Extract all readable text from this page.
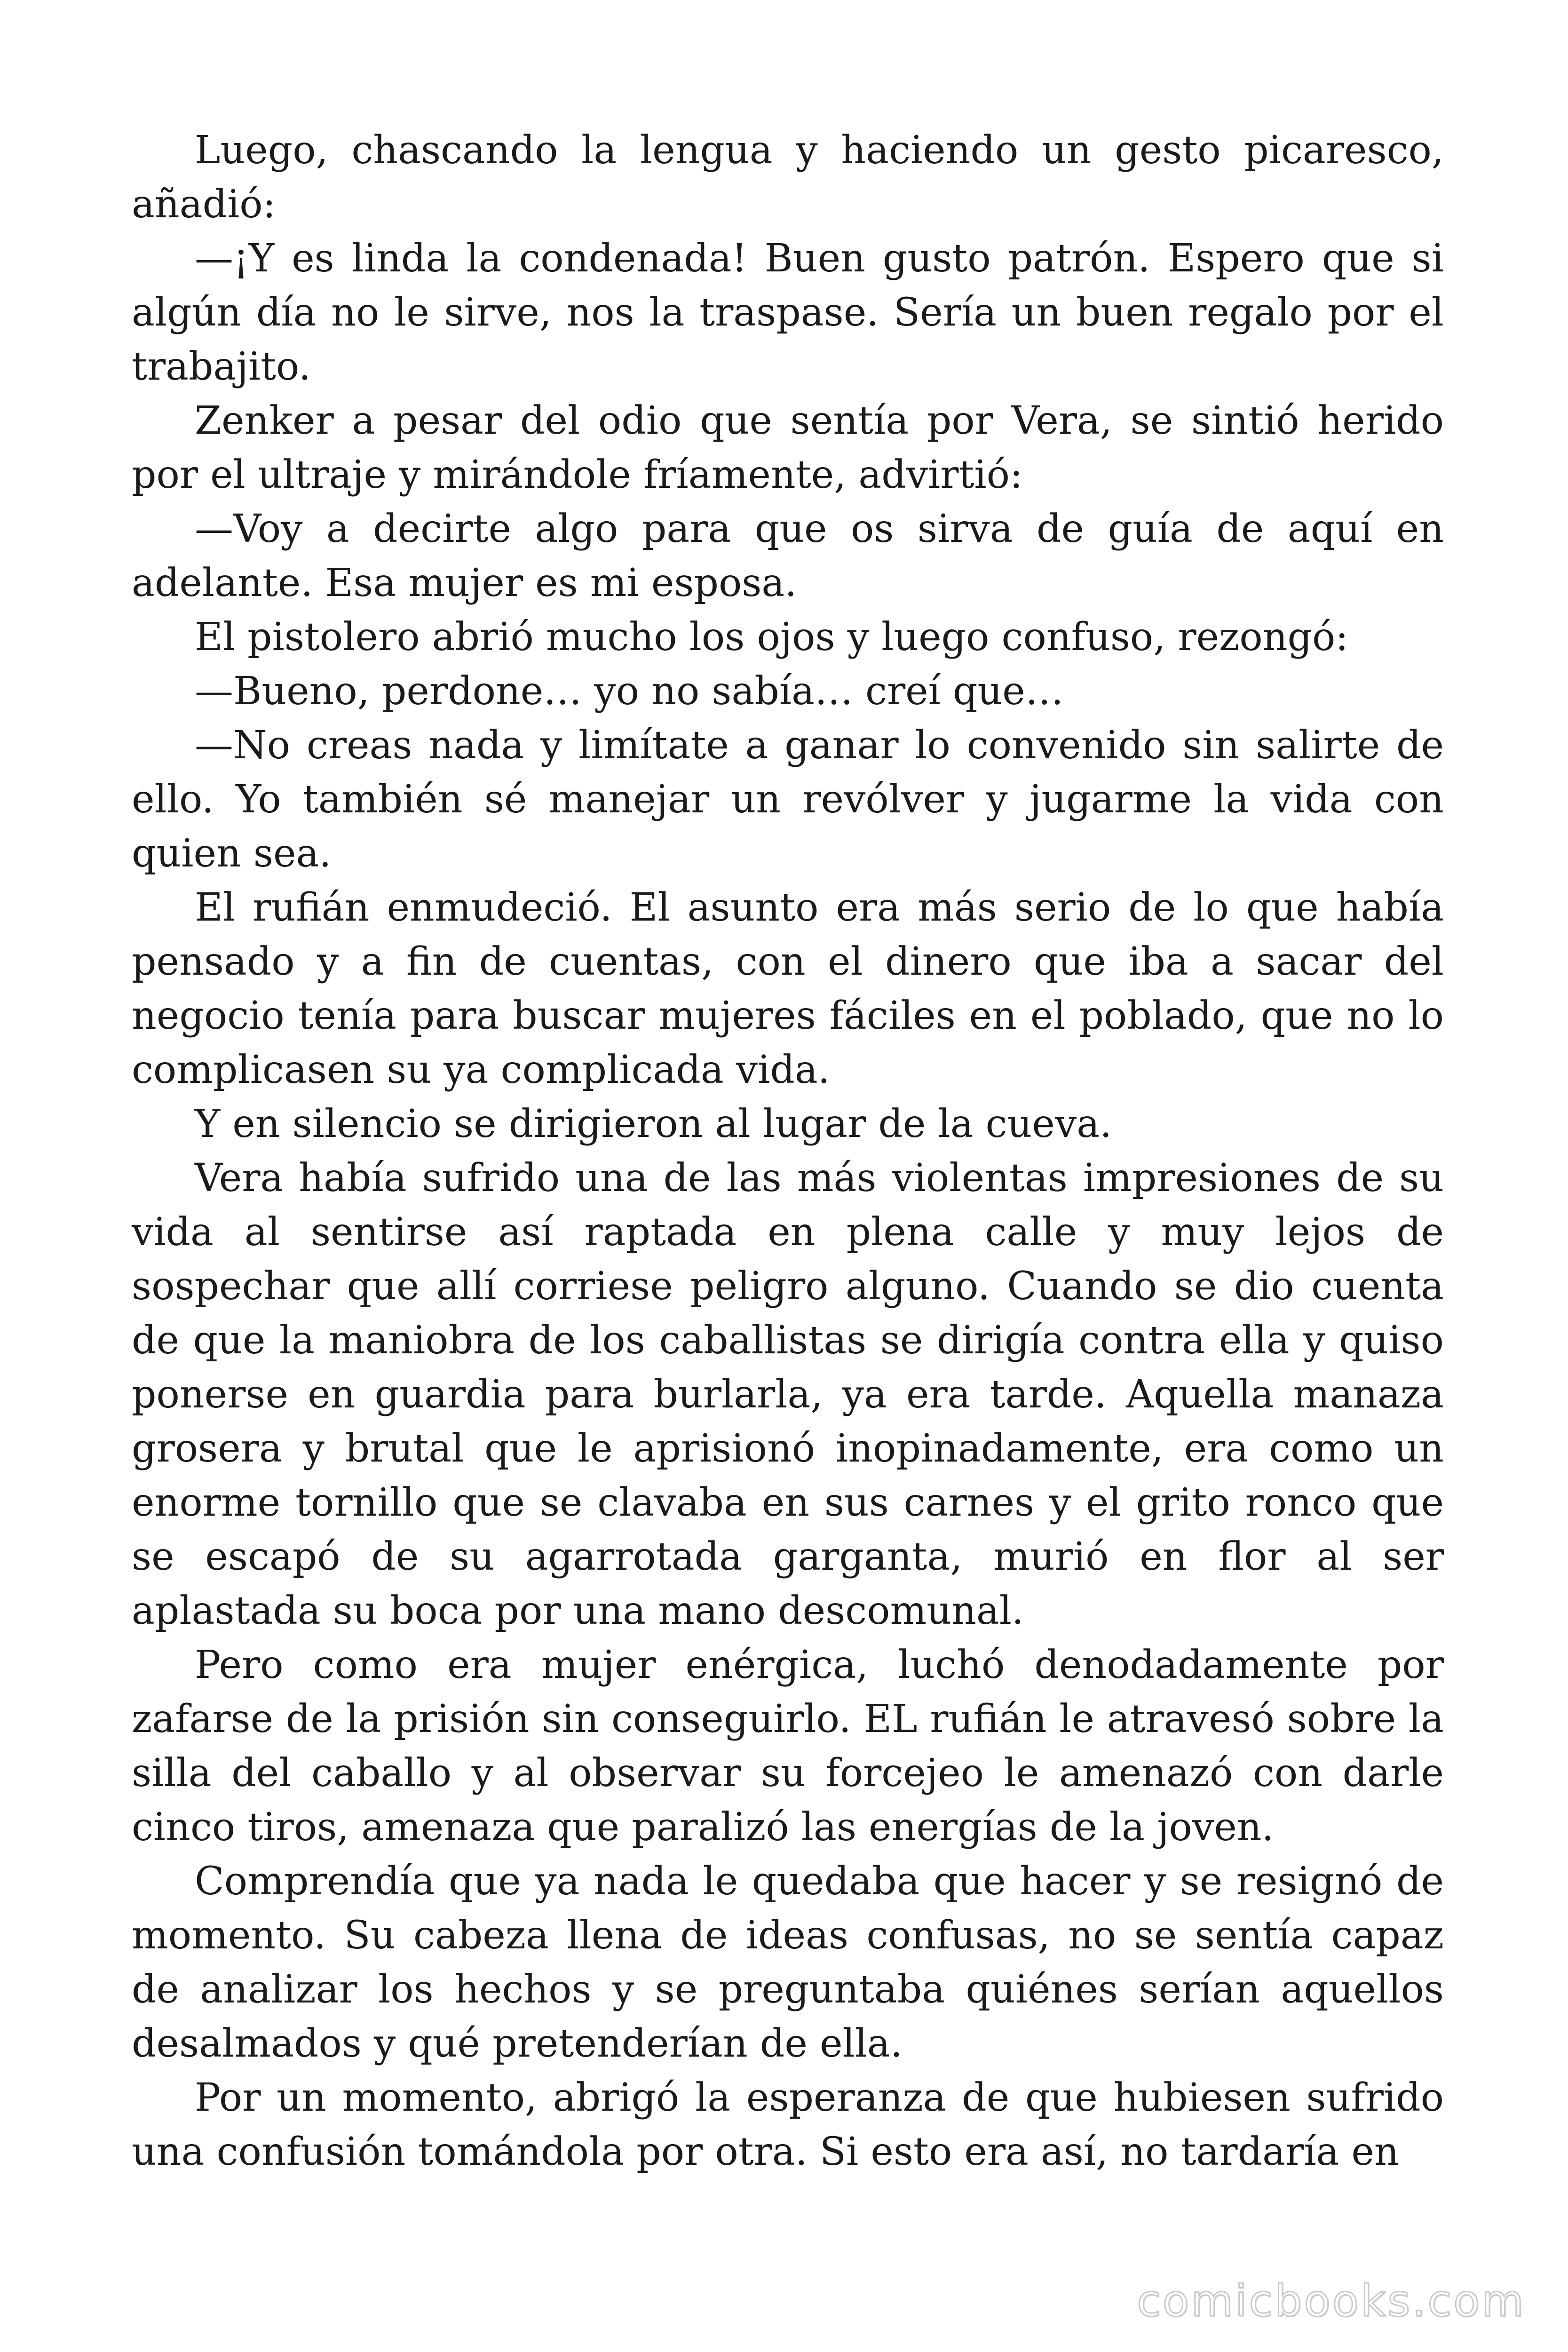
Luego, chascando la lengua y haciendo un gesto picaresco, añadió:

—¡Y es linda la condenada! Buen gusto patrón. Espero que si algún día no le sirve, nos la traspase. Sería un buen regalo por el trabajito.

Zenker a pesar del odio que sentía por Vera, se sintió herido por el ultraje y mirándole fríamente, advirtió:

—Voy a decirte algo para que os sirva de guía de aquí en adelante. Esa mujer es mi esposa.

El pistolero abrió mucho los ojos y luego confuso, rezongó:

—Bueno, perdone… yo no sabía… creí que…

—No creas nada y limítate a ganar lo convenido sin salirte de ello. Yo también sé manejar un revólver y jugarme la vida con quien sea.

El rufián enmudeció. El asunto era más serio de lo que había pensado y a fin de cuentas, con el dinero que iba a sacar del negocio tenía para buscar mujeres fáciles en el poblado, que no lo complicasen su ya complicada vida.

Y en silencio se dirigieron al lugar de la cueva.

Vera había sufrido una de las más violentas impresiones de su vida al sentirse así raptada en plena calle y muy lejos de sospechar que allí corriese peligro alguno. Cuando se dio cuenta de que la maniobra de los caballistas se dirigía contra ella y quiso ponerse en guardia para burlarla, ya era tarde. Aquella manaza grosera y brutal que le aprisionó inopinadamente, era como un enorme tornillo que se clavaba en sus carnes y el grito ronco que se escapó de su agarrotada garganta, murió en flor al ser aplastada su boca por una mano descomunal.

Pero como era mujer enérgica, luchó denodadamente por zafarse de la prisión sin conseguirlo. EL rufián le atravesó sobre la silla del caballo y al observar su forcejeo le amenazó con darle cinco tiros, amenaza que paralizó las energías de la joven.

Comprendía que ya nada le quedaba que hacer y se resignó de momento. Su cabeza llena de ideas confusas, no se sentía capaz de analizar los hechos y se preguntaba quiénes serían aquellos desalmados y qué pretenderían de ella.

Por un momento, abrigó la esperanza de que hubiesen sufrido una confusión tomándola por otra. Si esto era así, no tardaría en

comicbooks.com
